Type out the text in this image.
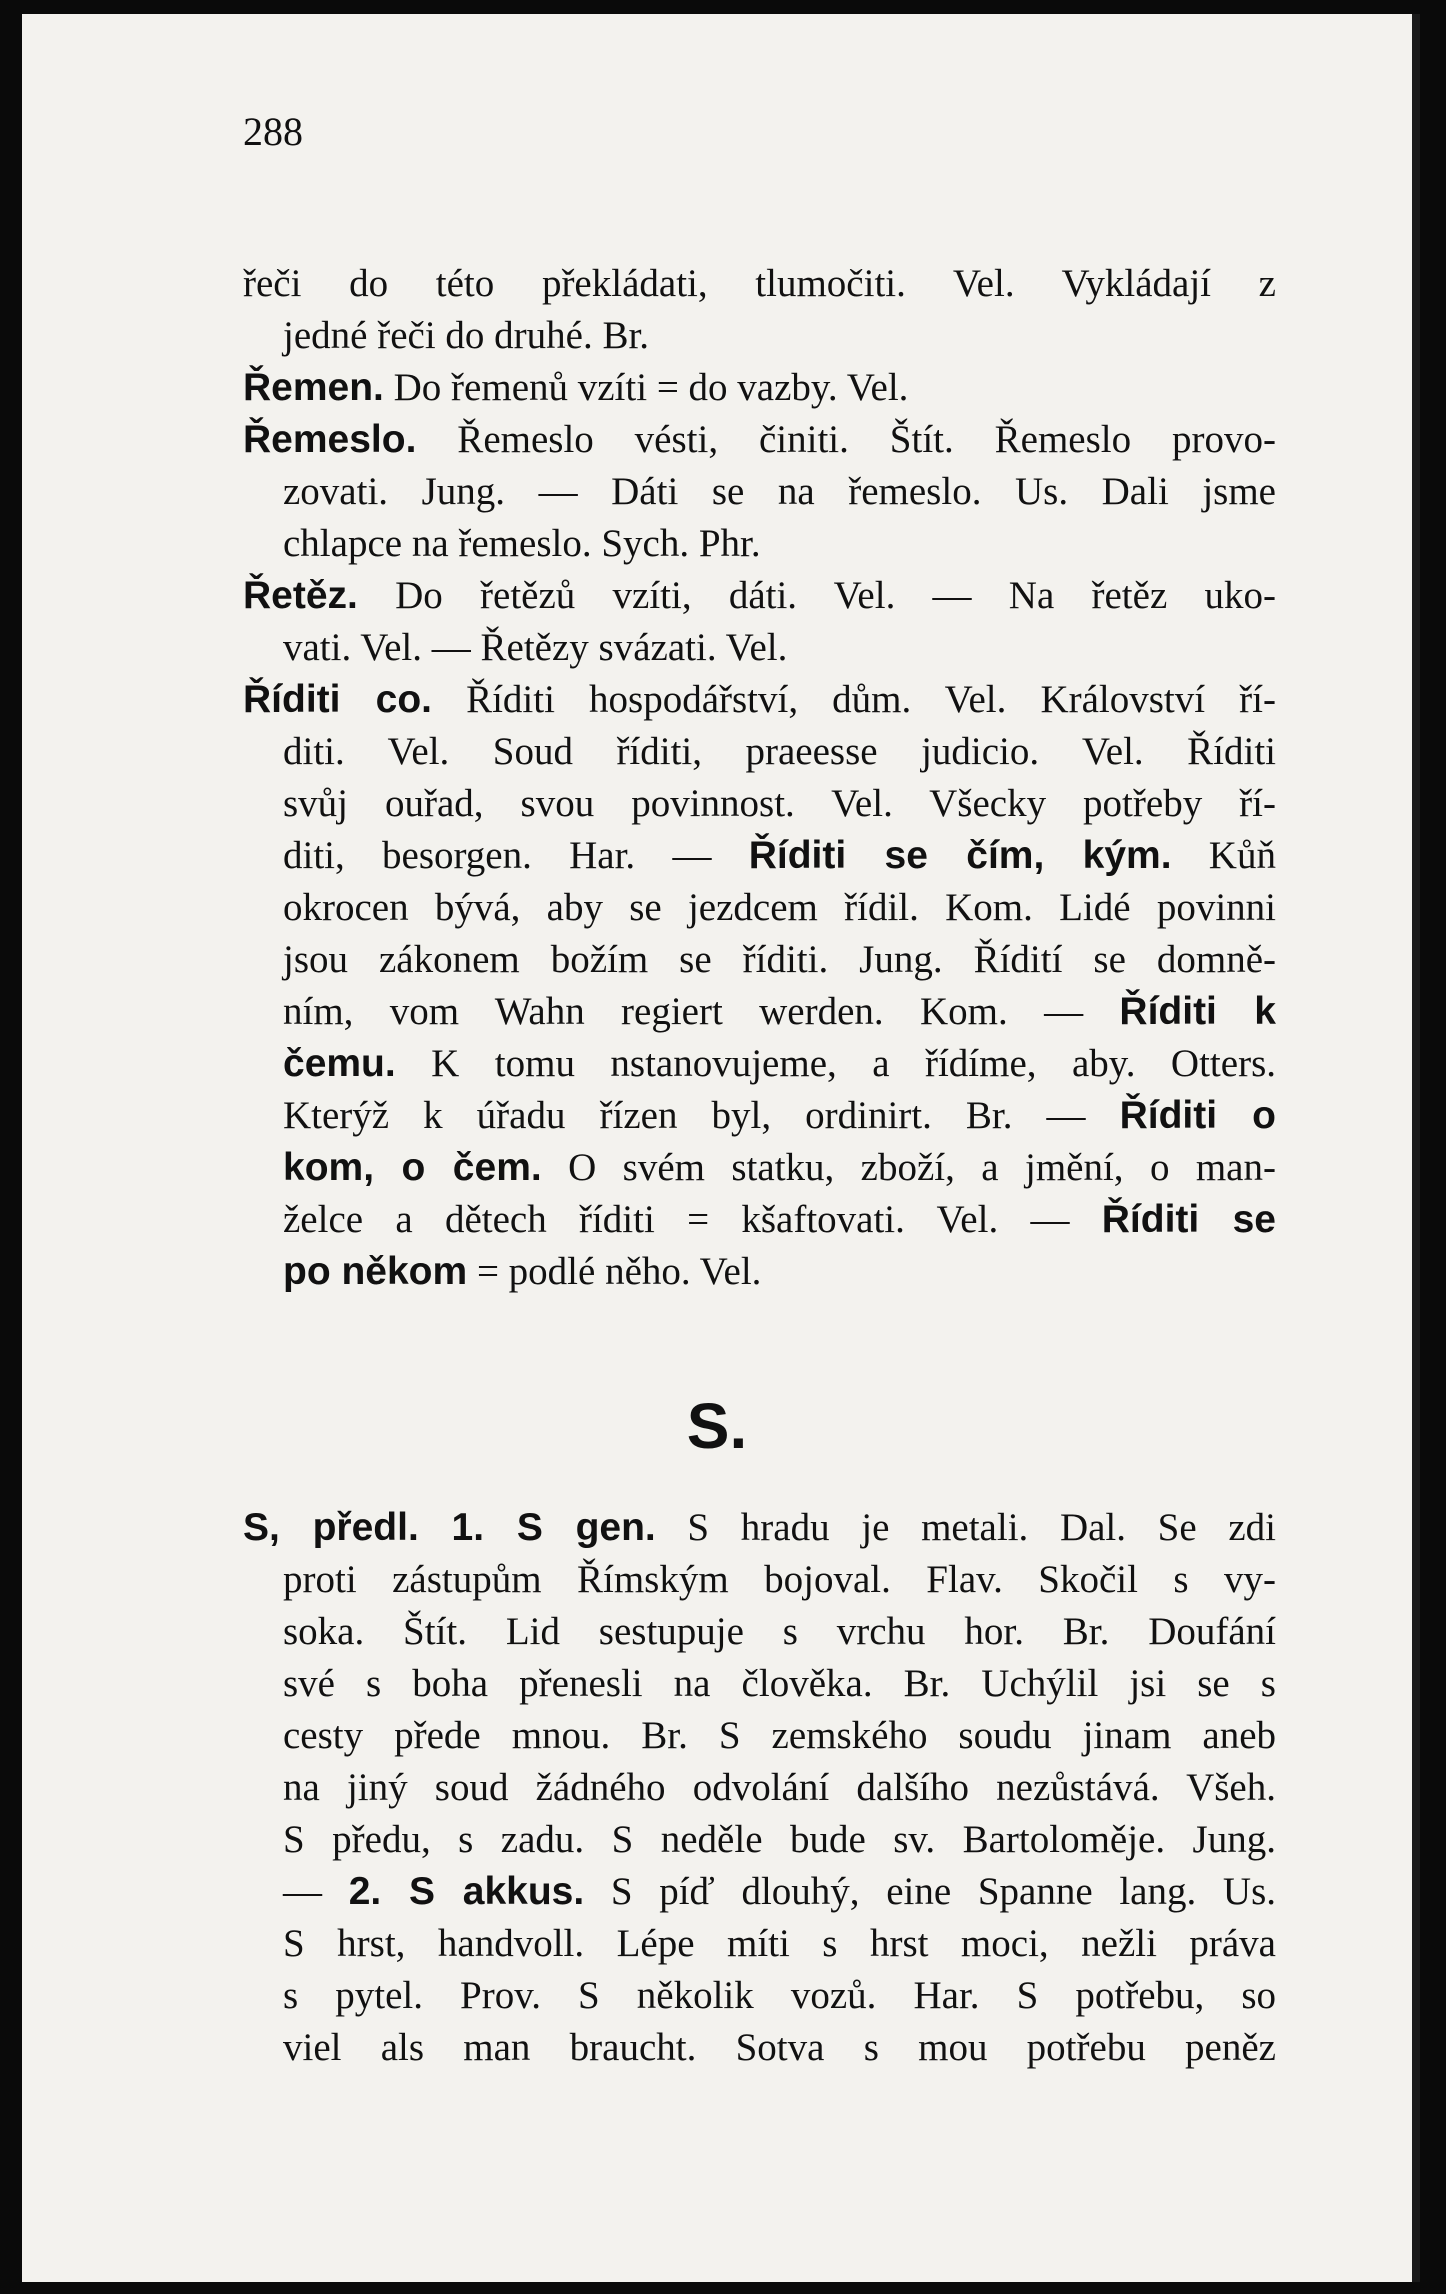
288
S.
řeči do této překládati, tlumočiti. Vel. Vykládají z
jedné řeči do druhé. Br.
Řemen. Do řemenů vzíti = do vazby. Vel.
Řemeslo. Řemeslo vésti, činiti. Štít. Řemeslo provo-
zovati. Jung. — Dáti se na řemeslo. Us. Dali jsme
chlapce na řemeslo. Sych. Phr.
Řetěz. Do řetězů vzíti, dáti. Vel. — Na řetěz uko-
vati. Vel. — Řetězy svázati. Vel.
Říditi co. Říditi hospodářství, dům. Vel. Království ří-
diti. Vel. Soud říditi, praeesse judicio. Vel. Říditi
svůj ouřad, svou povinnost. Vel. Všecky potřeby ří-
diti, besorgen. Har. — Říditi se čím, kým. Kůň
okrocen bývá, aby se jezdcem řídil. Kom. Lidé povinni
jsou zákonem božím se říditi. Jung. Řídití se domně-
ním, vom Wahn regiert werden. Kom. — Říditi k
čemu. K tomu nstanovujeme, a řídíme, aby. Otters.
Kterýž k úřadu řízen byl, ordinirt. Br. — Říditi o
kom, o čem. O svém statku, zboží, a jmění, o man-
želce a dětech říditi = kšaftovati. Vel. — Říditi se
po někom = podlé něho. Vel.
S, předl. 1. S gen. S hradu je metali. Dal. Se zdi
proti zástupům Římským bojoval. Flav. Skočil s vy-
soka. Štít. Lid sestupuje s vrchu hor. Br. Doufání
své s boha přenesli na člověka. Br. Uchýlil jsi se s
cesty přede mnou. Br. S zemského soudu jinam aneb
na jiný soud žádného odvolání dalšího nezůstává. Všeh.
S předu, s zadu. S neděle bude sv. Bartoloměje. Jung.
— 2. S akkus. S píď dlouhý, eine Spanne lang. Us.
S hrst, handvoll. Lépe míti s hrst moci, nežli práva
s pytel. Prov. S několik vozů. Har. S potřebu, so
viel als man braucht. Sotva s mou potřebu peněz
